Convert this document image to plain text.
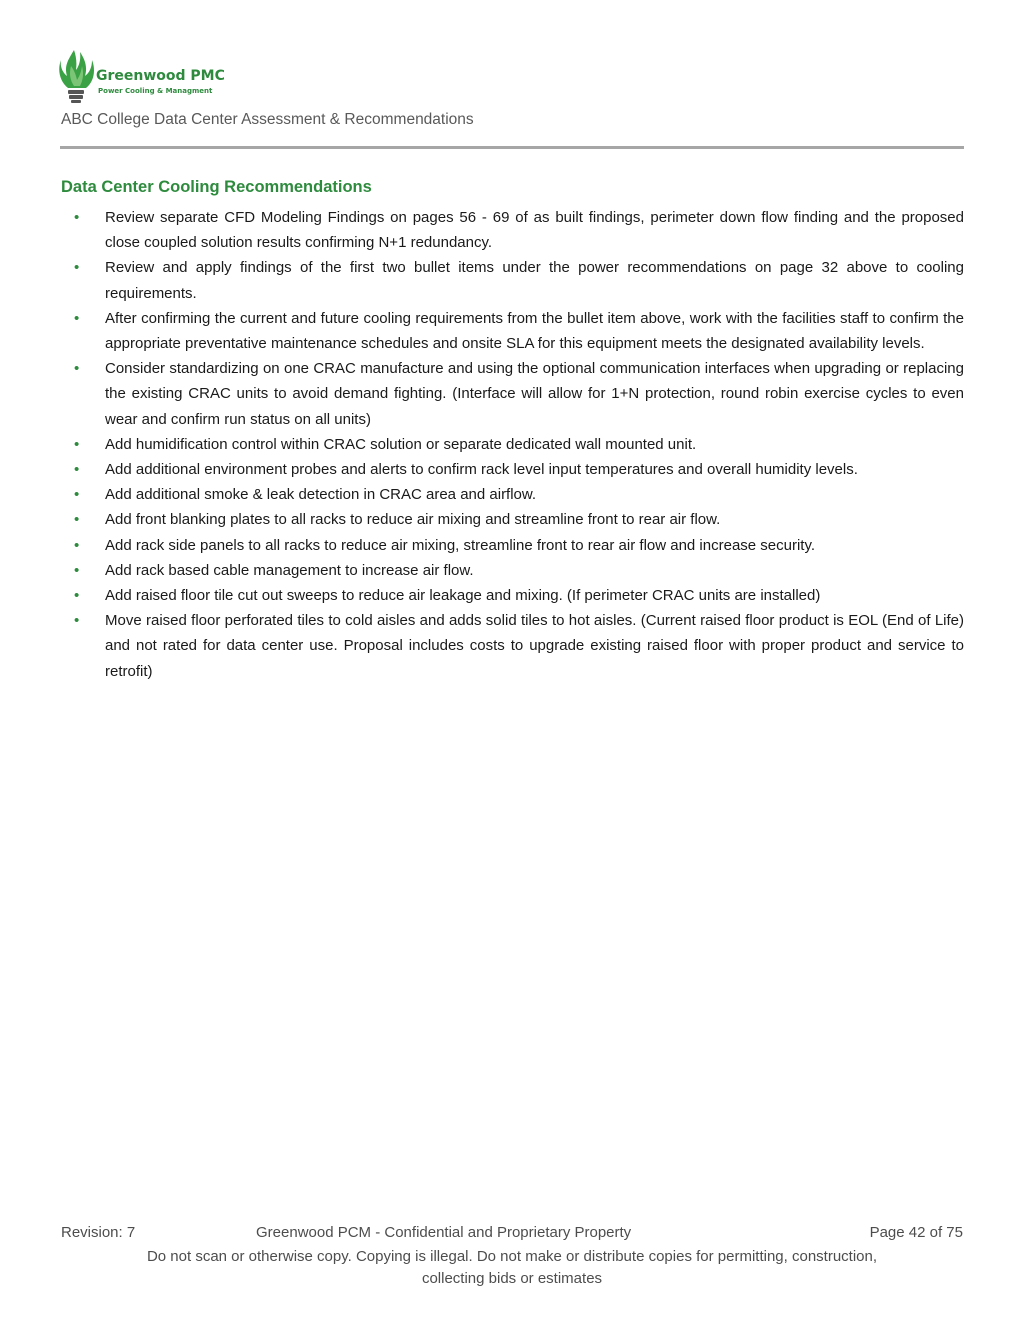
Greenwood PMC
Power Cooling & Managment
ABC College Data Center Assessment & Recommendations
Data Center Cooling Recommendations
• Review separate CFD Modeling Findings on pages 56 - 69 of as built findings, perimeter down flow finding and the proposed close coupled solution results confirming N+1 redundancy.
• Review and apply findings of the first two bullet items under the power recommendations on page 32 above to cooling requirements.
• After confirming the current and future cooling requirements from the bullet item above, work with the facilities staff to confirm the appropriate preventative maintenance schedules and onsite SLA for this equipment meets the designated availability levels.
• Consider standardizing on one CRAC manufacture and using the optional communication interfaces when upgrading or replacing the existing CRAC units to avoid demand fighting. (Interface will allow for 1+N protection, round robin exercise cycles to even wear and confirm run status on all units)
• Add humidification control within CRAC solution or separate dedicated wall mounted unit.
• Add additional environment probes and alerts to confirm rack level input temperatures and overall humidity levels.
• Add additional smoke & leak detection in CRAC area and airflow.
• Add front blanking plates to all racks to reduce air mixing and streamline front to rear air flow.
• Add rack side panels to all racks to reduce air mixing, streamline front to rear air flow and increase security.
• Add rack based cable management to increase air flow.
• Add raised floor tile cut out sweeps to reduce air leakage and mixing. (If perimeter CRAC units are installed)
• Move raised floor perforated tiles to cold aisles and adds solid tiles to hot aisles. (Current raised floor product is EOL (End of Life) and not rated for data center use. Proposal includes costs to upgrade existing raised floor with proper product and service to retrofit)
Revision: 7	Greenwood PCM - Confidential and Proprietary Property	Page 42 of 75
Do not scan or otherwise copy. Copying is illegal. Do not make or distribute copies for permitting, construction,
collecting bids or estimates
